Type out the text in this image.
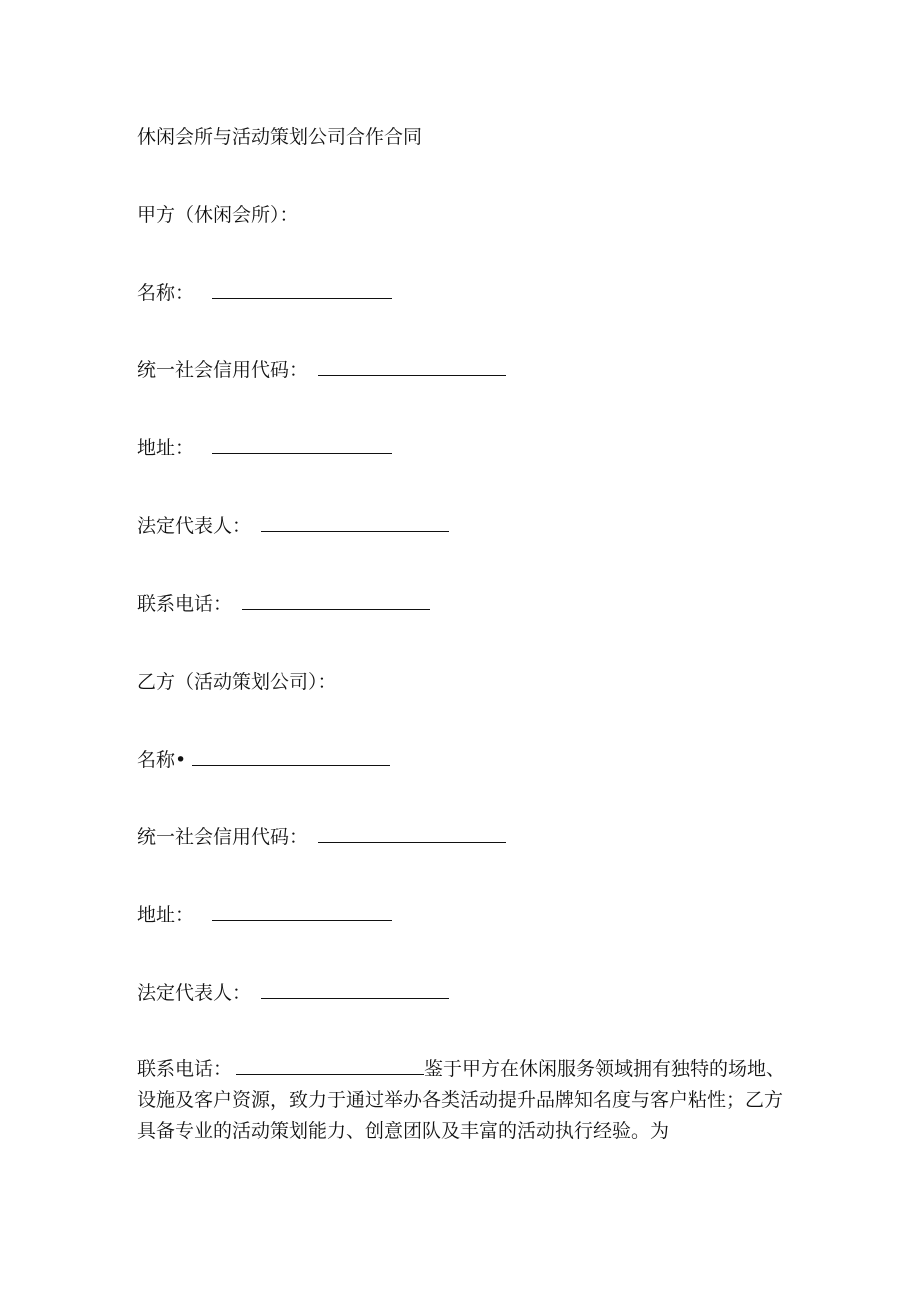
休闲会所与活动策划公司合作合同
甲方（休闲会所）：
名称：
统一社会信用代码：
地址：
法定代表人：
联系电话：
乙方（活动策划公司）：
名称•
统一社会信用代码：
地址：
法定代表人：
联系电话：	鉴于甲方在休闲服务领域拥有独特的场地、设施及客户资源，致力于通过举办各类活动提升品牌知名度与客户粘性；乙方具备专业的活动策划能力、创意团队及丰富的活动执行经验。为
